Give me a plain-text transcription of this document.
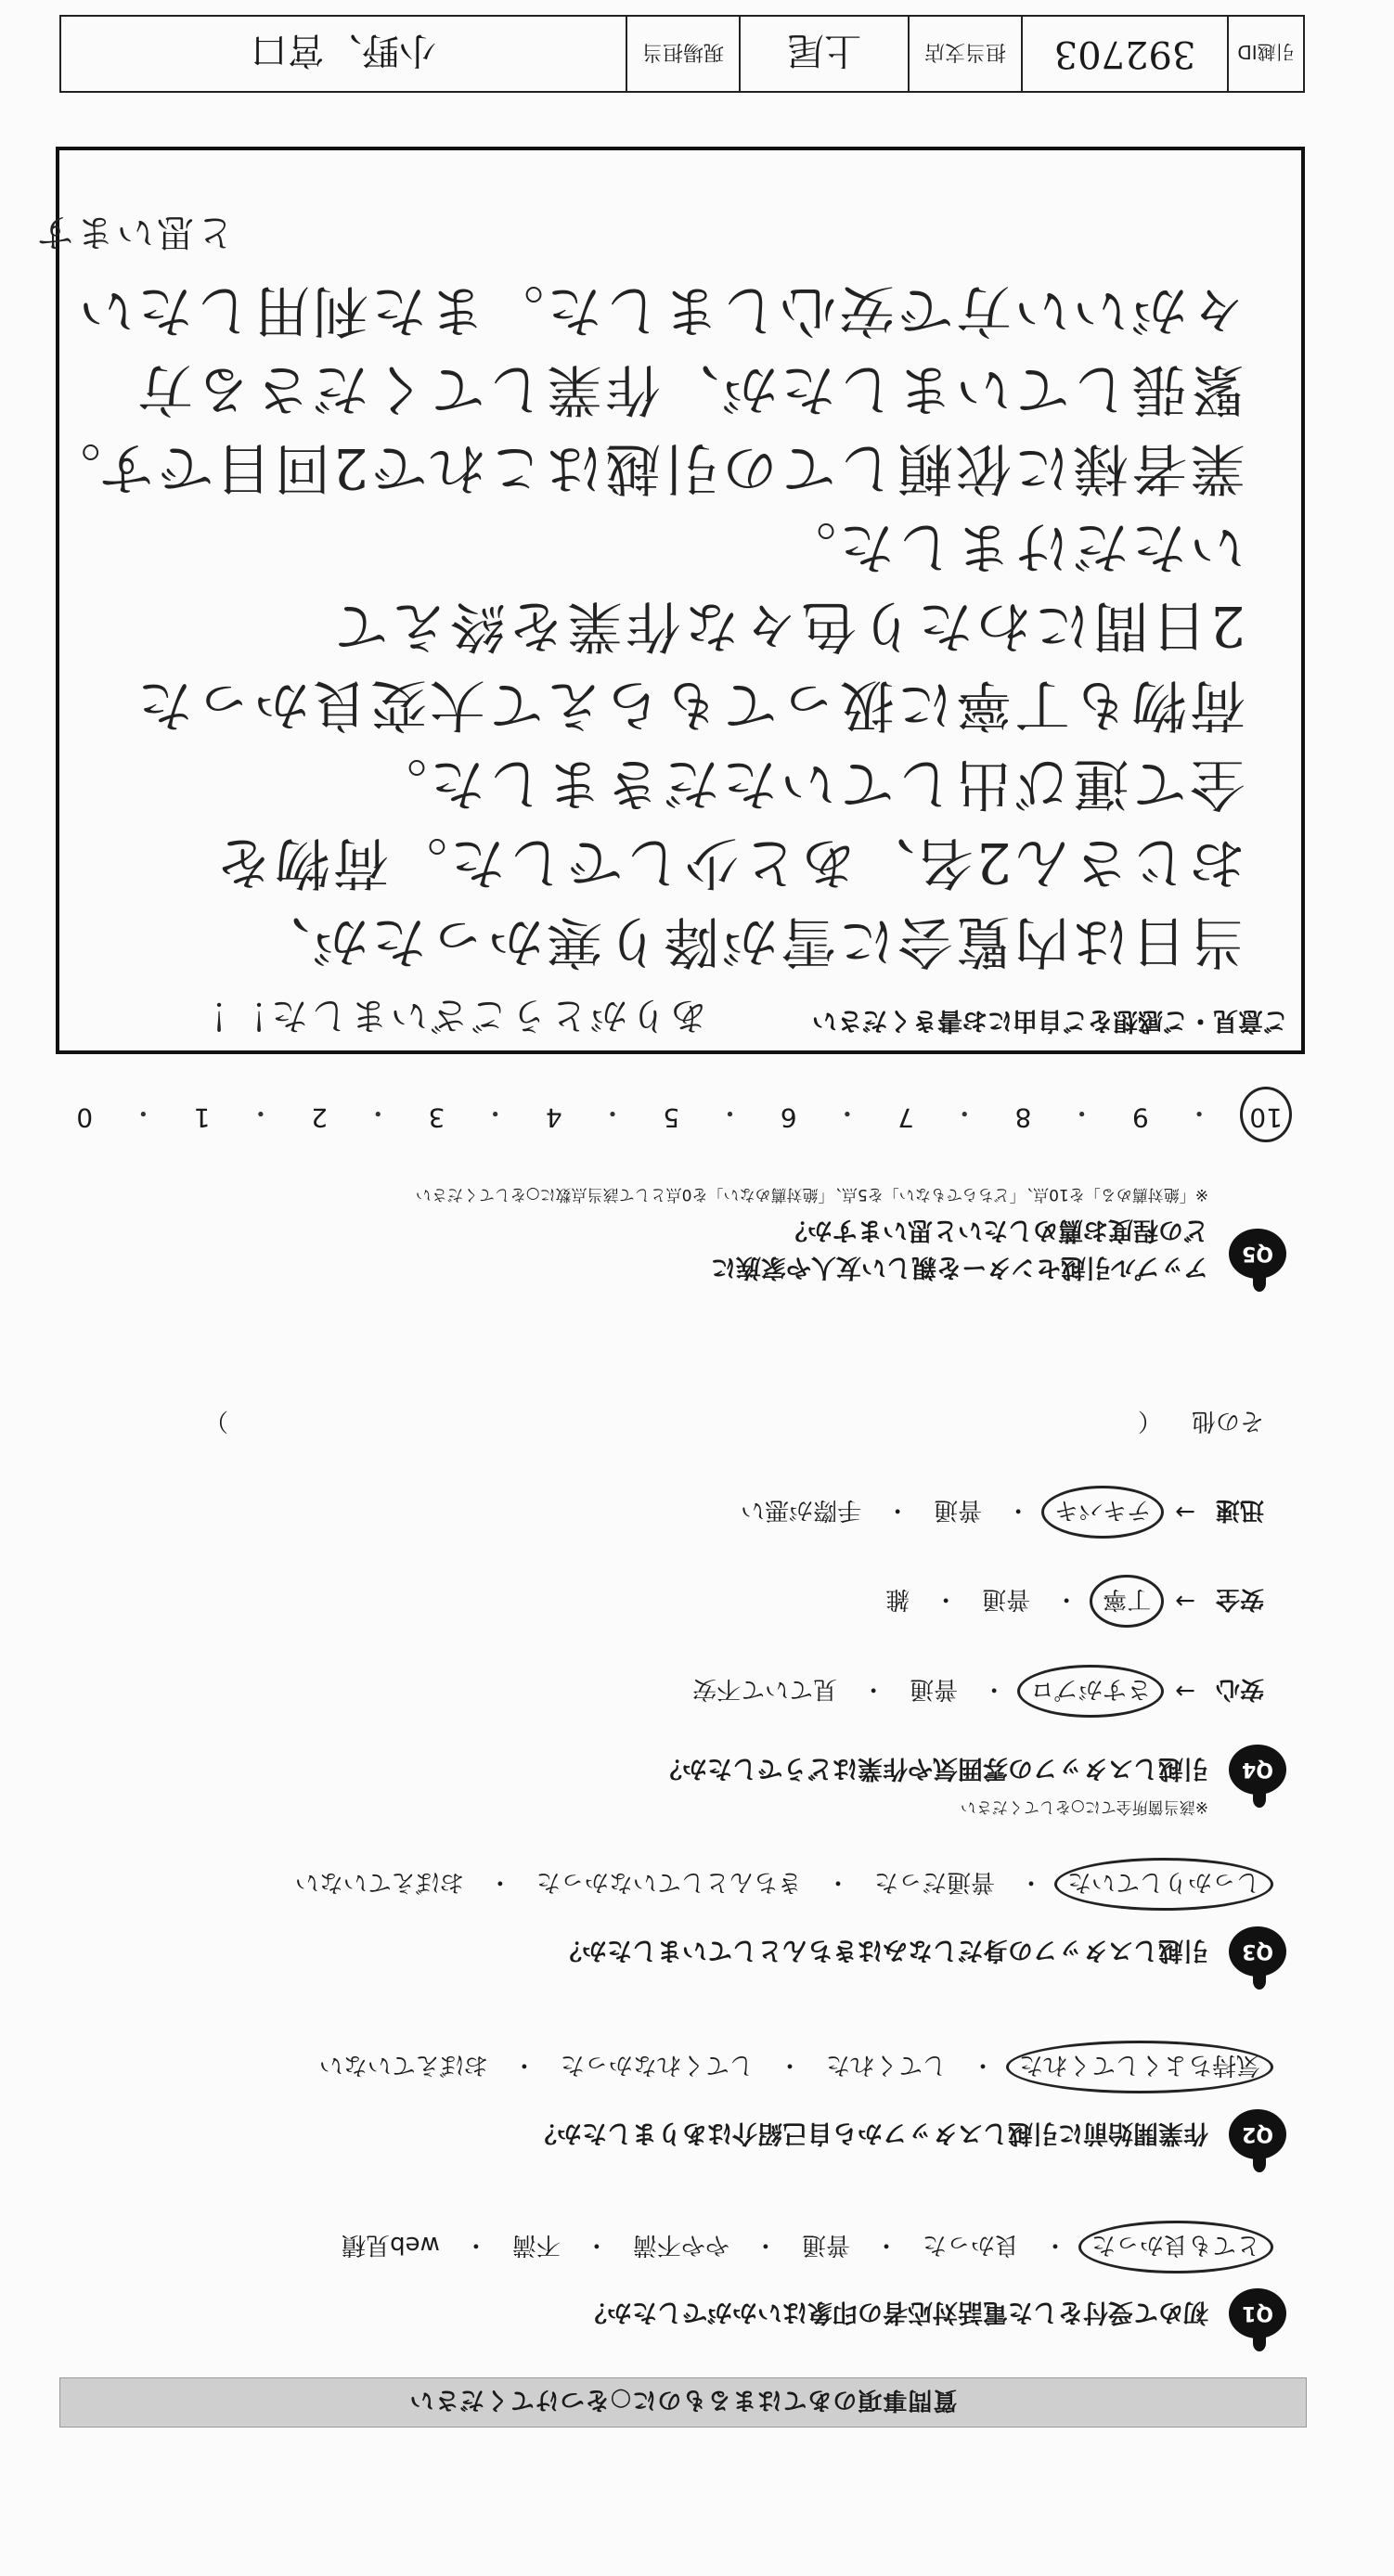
質問事項のあてはまるものに○をつけてください
Q1
初めて受付をした電話対応者の印象はいかがでしたか？
とても良かった
・
良かった
・
普通
・
やや不満
・
不満
・
web見積
Q2
作業開始前に引越しスタッフから自己紹介はありましたか？
気持ちよくしてくれた
・
してくれた
・
してくれなかった
・
おぼえていない
Q3
引越しスタッフの身だしなみはきちんとしていましたか？
しっかりしていた
・
普通だった
・
きちんとしていなかった
・
おぼえていない
Q4
引越しスタッフの雰囲気や作業はどうでしたか？
※該当箇所全てに○をしてください
安心
→
さすがプロ
・
普通
・
見ていて不安
安全
→
丁寧
・
普通
・
雑
迅速
→
テキパキ
・
普通
・
手際が悪い
その他
（
）
Q5
アップル引越センターを親しい友人や家族に
どの程度お薦めしたいと思いますか？
※「絶対薦める」を10点、「どちらでもない」を5点、「絶対薦めない」を0点として該当点数に○をしてください
10
・
9
・
8
・
7
・
6
・
5
・
4
・
3
・
2
・
1
・
0
ご意見・ご感想をご自由にお書きください
ありがとうございました！！
当日は内覧会に雪が降り寒かったが、
おじさん2名、あと少しでした。荷物を
全て運び出していただきました。
荷物も丁寧に扱ってもらえて大変良かった
2日間にわたり色々な作業を終えて
いただけました。
業者様に依頼しての引越はこれで2回目です。
緊張していましたが、作業してくださる方
々がいい方で安心しました。また利用したい
と思います
引越ID
392703
担当支店
上尾
現場担当
小野、宮口
